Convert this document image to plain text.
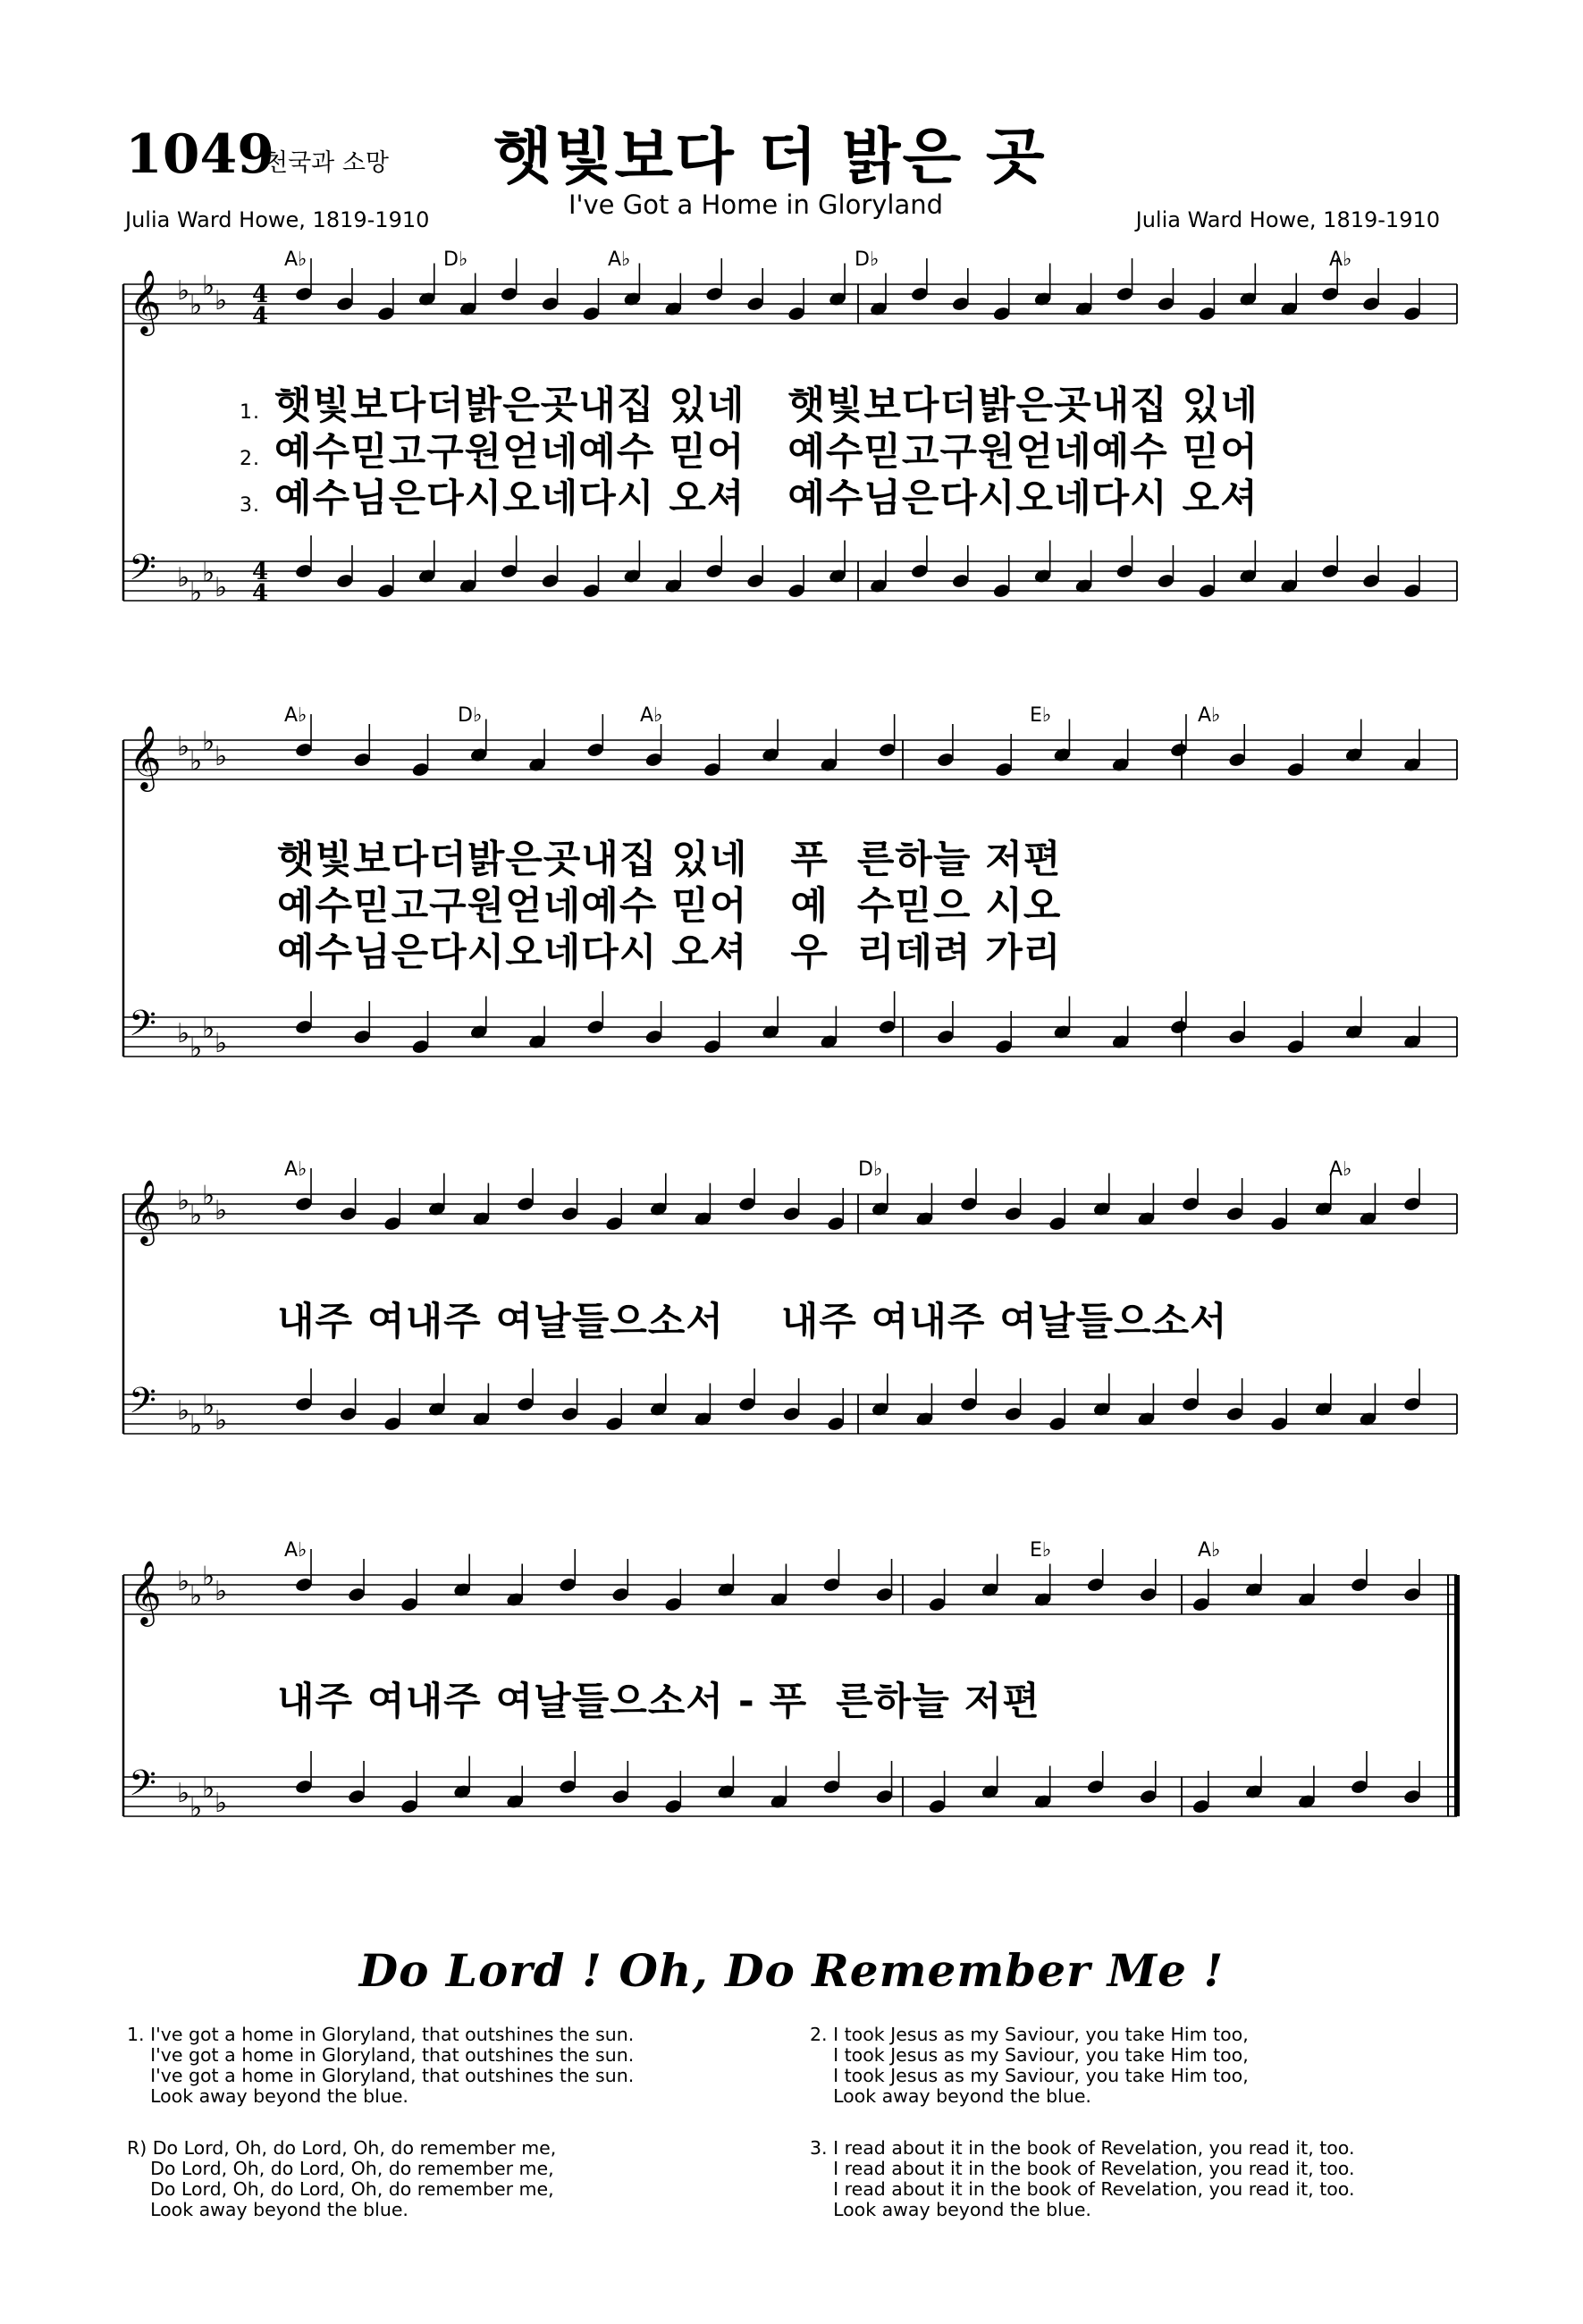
1049
천국과 소망 햇빛보다 더 밝은 곳
I've Got a Home in Gloryland
Julia Ward Howe, 1819-1910	Julia Ward Howe, 1819-1910
𝄞 ♭ ♭
♭ ♭
𝄢 ♭ ♭
♭ ♭
𝄞 ♭ ♭
♭ ♭
𝄢 ♭ ♭
♭ ♭
𝄞 ♭ ♭
♭ ♭
𝄢 ♭ ♭
♭ ♭
𝄞 ♭ ♭
♭ ♭
𝄢 ♭ ♭
♭ ♭
4
4
4
4
A♭	D♭	A♭	D♭	A♭
A♭	D♭	A♭	E♭	A♭
A♭	D♭	A♭
A♭	E♭	A♭
1. 햇빛보다더밝은곳내집 있네   햇빛보다더밝은곳내집 있네
2. 예수믿고구원얻네예수 믿어   예수믿고구원얻네예수 믿어
3. 예수님은다시오네다시 오셔   예수님은다시오네다시 오셔
햇빛보다더밝은곳내집 있네   푸  른하늘 저편
예수믿고구원얻네예수 믿어   예  수믿으 시오
예수님은다시오네다시 오셔   우  리데려 가리
내주 여내주 여날들으소서    내주 여내주 여날들으소서
내주 여내주 여날들으소서 - 푸  른하늘 저편
Do Lord ! Oh, Do Remember Me !
1. I've got a home in Gloryland, that outshines the sun.
I've got a home in Gloryland, that outshines the sun.
I've got a home in Gloryland, that outshines the sun.
Look away beyond the blue.
R) Do Lord, Oh, do Lord, Oh, do remember me,
Do Lord, Oh, do Lord, Oh, do remember me,
Do Lord, Oh, do Lord, Oh, do remember me,
Look away beyond the blue.
2. I took Jesus as my Saviour, you take Him too,
I took Jesus as my Saviour, you take Him too,
I took Jesus as my Saviour, you take Him too,
Look away beyond the blue.
3. I read about it in the book of Revelation, you read it, too.
I read about it in the book of Revelation, you read it, too.
I read about it in the book of Revelation, you read it, too.
Look away beyond the blue.
